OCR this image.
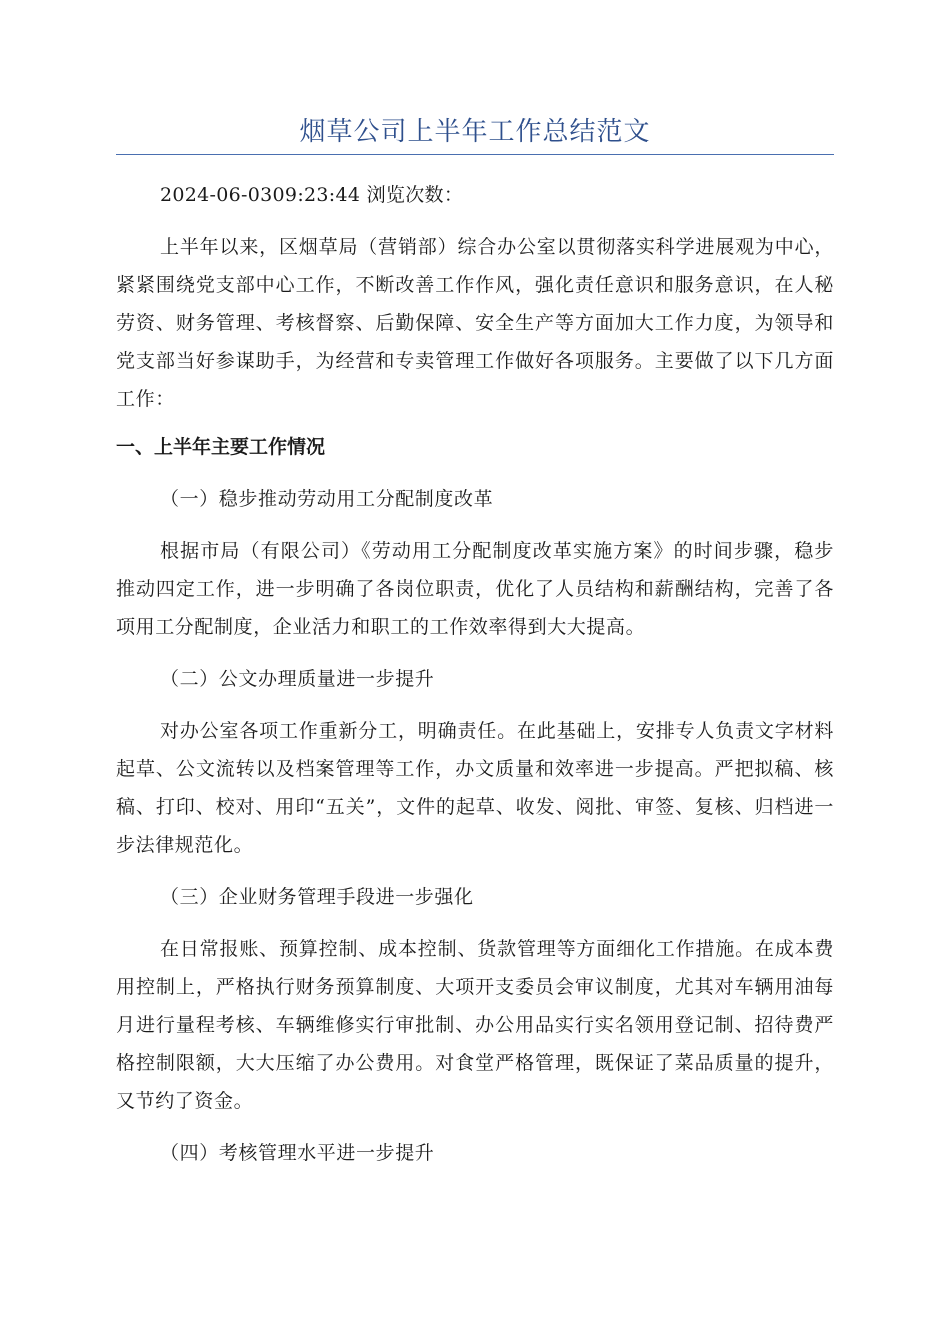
烟草公司上半年工作总结范文

2024-06-0309:23:44 浏览次数：

上半年以来，区烟草局（营销部）综合办公室以贯彻落实科学进展观为中心，紧紧围绕党支部中心工作，不断改善工作作风，强化责任意识和服务意识，在人秘劳资、财务管理、考核督察、后勤保障、安全生产等方面加大工作力度，为领导和党支部当好参谋助手，为经营和专卖管理工作做好各项服务。主要做了以下几方面工作：

一、上半年主要工作情况

（一）稳步推动劳动用工分配制度改革

根据市局（有限公司）《劳动用工分配制度改革实施方案》的时间步骤，稳步推动四定工作，进一步明确了各岗位职责，优化了人员结构和薪酬结构，完善了各项用工分配制度，企业活力和职工的工作效率得到大大提高。

（二）公文办理质量进一步提升

对办公室各项工作重新分工，明确责任。在此基础上，安排专人负责文字材料起草、公文流转以及档案管理等工作，办文质量和效率进一步提高。严把拟稿、核稿、打印、校对、用印“五关”，文件的起草、收发、阅批、审签、复核、归档进一步法律规范化。

（三）企业财务管理手段进一步强化

在日常报账、预算控制、成本控制、货款管理等方面细化工作措施。在成本费用控制上，严格执行财务预算制度、大项开支委员会审议制度，尤其对车辆用油每月进行量程考核、车辆维修实行审批制、办公用品实行实名领用登记制、招待费严格控制限额，大大压缩了办公费用。对食堂严格管理，既保证了菜品质量的提升，又节约了资金。

（四）考核管理水平进一步提升
